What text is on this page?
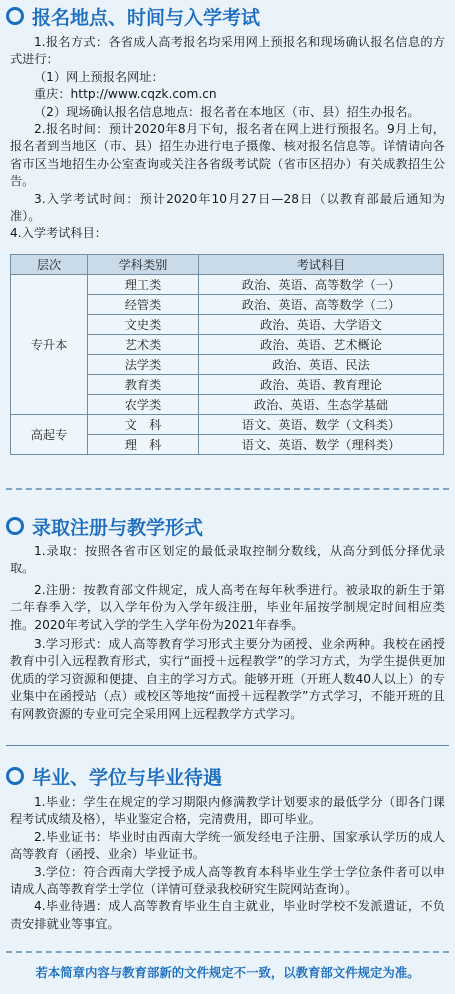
报名地点、时间与入学考试

1.报名方式：各省成人高考报名均采用网上预报名和现场确认报名信息的方式进行：

（1）网上预报名网址：

重庆：http://www.cqzk.com.cn

（2）现场确认报名信息地点：报名者在本地区（市、县）招生办报名。

2.报名时间：预计2020年8月下旬，报名者在网上进行预报名。9月上旬，报名者到当地区（市、县）招生办进行电子摄像、核对报名信息等。详情请向各省市区当地招生办公室查询或关注各省级考试院（省市区招办）有关成教招生公告。

3.入学考试时间：预计2020年10月27日—28日（以教育部最后通知为准）。

4.入学考试科目：

层次	学科类别	考试科目
专升本	理工类	政治、英语、高等数学（一）
	经管类	政治、英语、高等数学（二）
	文史类	政治、英语、大学语文
	艺术类	政治、英语、艺术概论
	法学类	政治、英语、民法
	教育类	政治、英语、教育理论
	农学类	政治、英语、生态学基础
高起专	文　科	语文、英语、数学（文科类）
	理　科	语文、英语、数学（理科类）
录取注册与教学形式

1.录取：按照各省市区划定的最低录取控制分数线，从高分到低分择优录取。

2.注册：按教育部文件规定，成人高考在每年秋季进行。被录取的新生于第二年春季入学，以入学年份为入学年级注册，毕业年届按学制规定时间相应类推。2020年考试入学的学生入学年份为2021年春季。

3.学习形式：成人高等教育学习形式主要分为函授、业余两种。我校在函授教育中引入远程教育形式，实行“面授＋远程教学”的学习方式，为学生提供更加优质的学习资源和便捷、自主的学习方式。能够开班（开班人数40人以上）的专业集中在函授站（点）或校区等地按“面授＋远程教学”方式学习，不能开班的且有网教资源的专业可完全采用网上远程教学方式学习。

毕业、学位与毕业待遇

1.毕业：学生在规定的学习期限内修满教学计划要求的最低学分（即各门课程考试成绩及格），毕业鉴定合格，完清费用，即可毕业。

2.毕业证书：毕业时由西南大学统一颁发经电子注册、国家承认学历的成人高等教育（函授、业余）毕业证书。

3.学位：符合西南大学授予成人高等教育本科毕业生学士学位条件者可以申请成人高等教育学士学位（详情可登录我校研究生院网站查询）。

4.毕业待遇：成人高等教育毕业生自主就业，毕业时学校不发派遣证，不负责安排就业等事宜。

若本简章内容与教育部新的文件规定不一致，以教育部文件规定为准。
